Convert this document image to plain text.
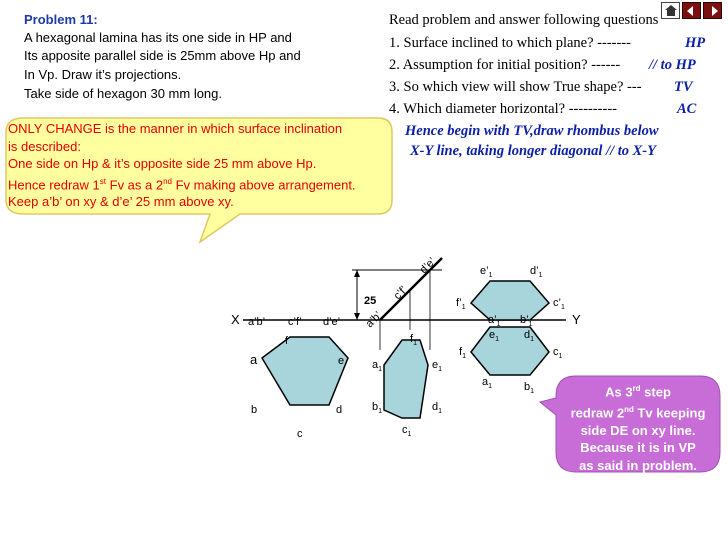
Problem 11:
A hexagonal lamina has its one side in HP and
Its apposite parallel side is 25mm above Hp and
In Vp. Draw it’s projections.
Take side of hexagon 30 mm long.
Read problem and answer following questions
1. Surface inclined to which plane? -------	HP
2. Assumption for initial position? ------ // to HP
3. So which view will show True shape? --- TV
4. Which diameter horizontal? ----------	AC
Hence begin with TV,draw rhombus below
X-Y line, taking longer diagonal // to X-Y
X	Y
a
b
c
d
e
f
a’b’ c’f’ d’e’
25
a’b’
c’f’
d’e’
$a_1$
$b_1$
$c_1$
$d_1$
$e_1$
$f_1$
$e’_1$	$d’_1$
$f’_1$	$c’_1$
$a’_1$ $b’_1$
$e_1$ $d_1$
$f_1$	$c_1$
$a_1$	$b_1$
ONLY CHANGE is the manner in which surface inclination
is described:
One side on Hp & it’s opposite side 25 mm above Hp.
Hence redraw 1st Fv as a 2nd Fv making above arrangement.
Keep a’b’ on xy & d’e’ 25 mm above xy.
As 3rd step
redraw 2nd Tv keeping
side DE on xy line.
Because it is in VP
as said in problem.
